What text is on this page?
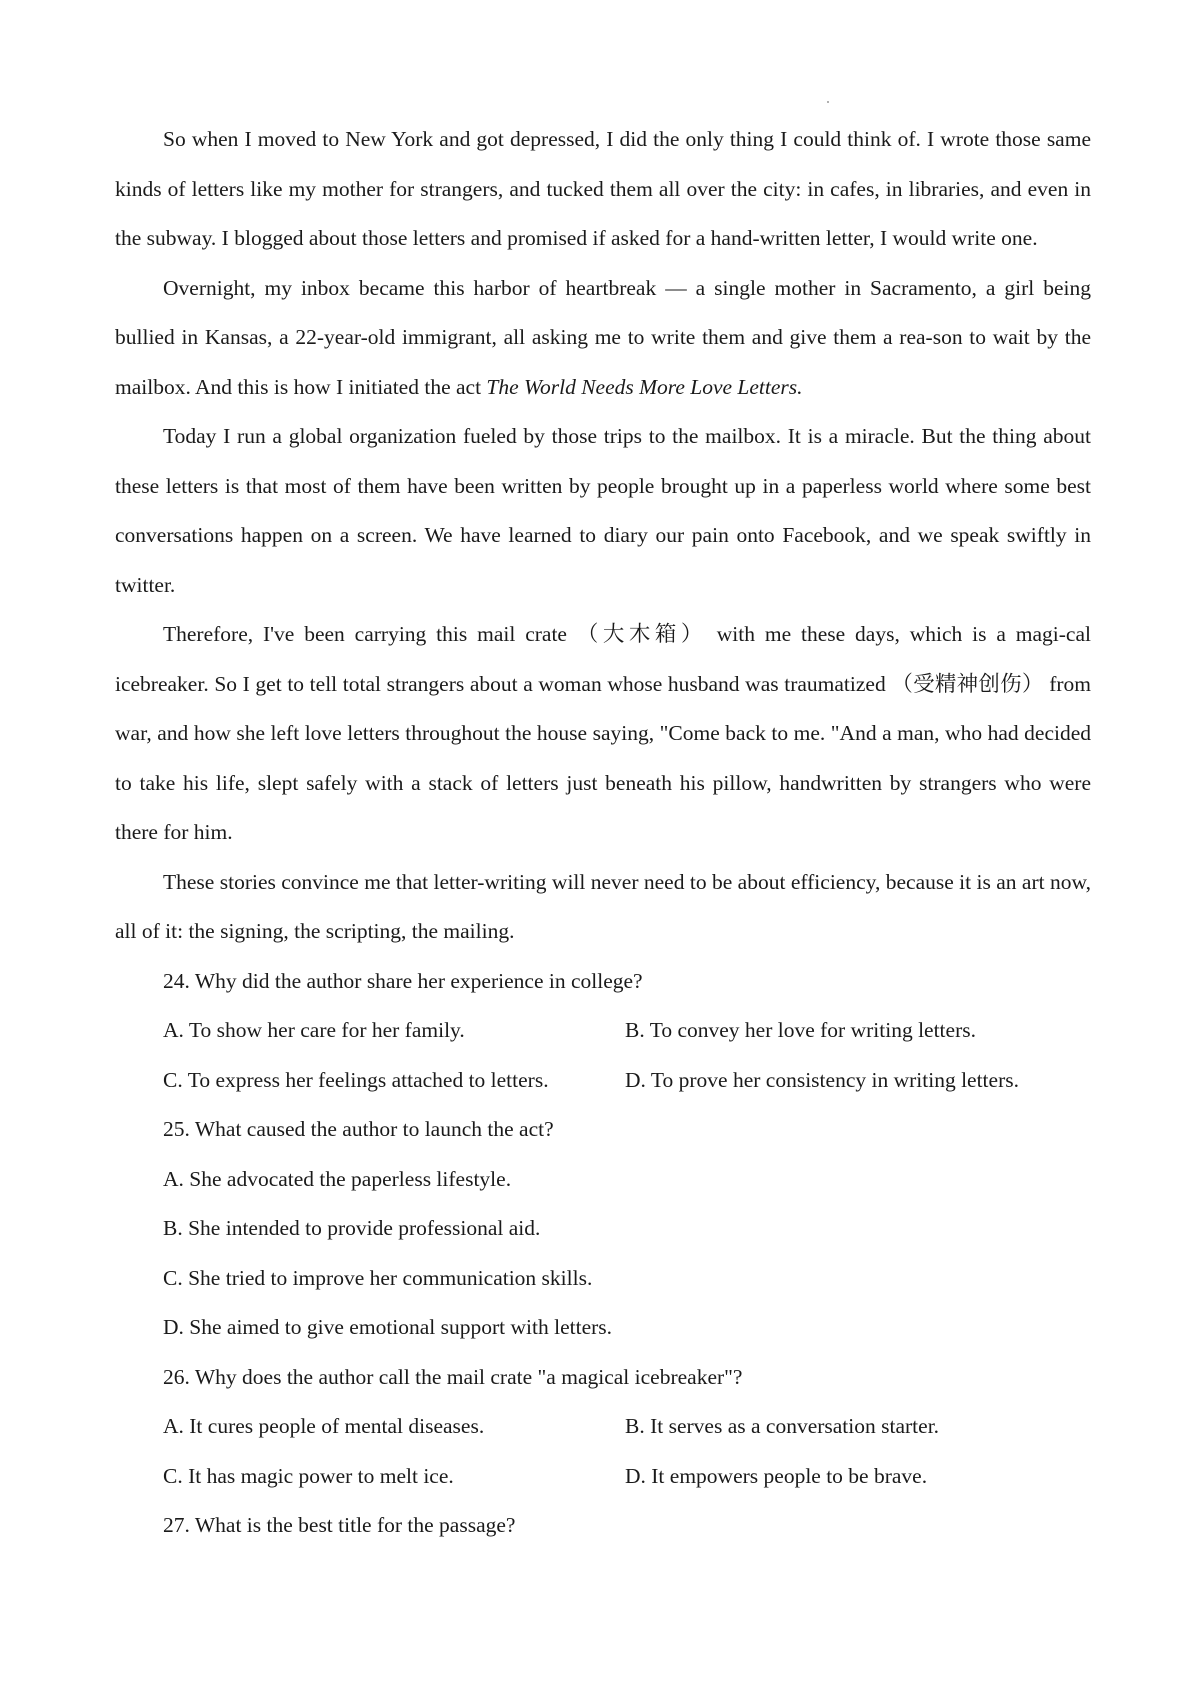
So when I moved to New York and got depressed, I did the only thing I could think of. I wrote those same kinds of letters like my mother for strangers, and tucked them all over the city: in cafes, in libraries, and even in the subway. I blogged about those letters and promised if asked for a hand-written letter, I would write one.

Overnight, my inbox became this harbor of heartbreak — a single mother in Sacramento, a girl being bullied in Kansas, a 22-year-old immigrant, all asking me to write them and give them a rea-son to wait by the mailbox. And this is how I initiated the act The World Needs More Love Letters.

Today I run a global organization fueled by those trips to the mailbox. It is a miracle. But the thing about these letters is that most of them have been written by people brought up in a paperless world where some best conversations happen on a screen. We have learned to diary our pain onto Facebook, and we speak swiftly in twitter.

Therefore, I've been carrying this mail crate （大木箱） with me these days, which is a magi-cal icebreaker. So I get to tell total strangers about a woman whose husband was traumatized （受精神创伤） from war, and how she left love letters throughout the house saying, "Come back to me. "And a man, who had decided to take his life, slept safely with a stack of letters just beneath his pillow, handwritten by strangers who were there for him.

These stories convince me that letter-writing will never need to be about efficiency, because it is an art now, all of it: the signing, the scripting, the mailing.

24. Why did the author share her experience in college?

A. To show her care for her family.	B. To convey her love for writing letters.
C. To express her feelings attached to letters.	D. To prove her consistency in writing letters.

25. What caused the author to launch the act?

A. She advocated the paperless lifestyle.

B. She intended to provide professional aid.

C. She tried to improve her communication skills.

D. She aimed to give emotional support with letters.

26. Why does the author call the mail crate "a magical icebreaker"?

A. It cures people of mental diseases.	B. It serves as a conversation starter.
C. It has magic power to melt ice.	D. It empowers people to be brave.

27. What is the best title for the passage?
